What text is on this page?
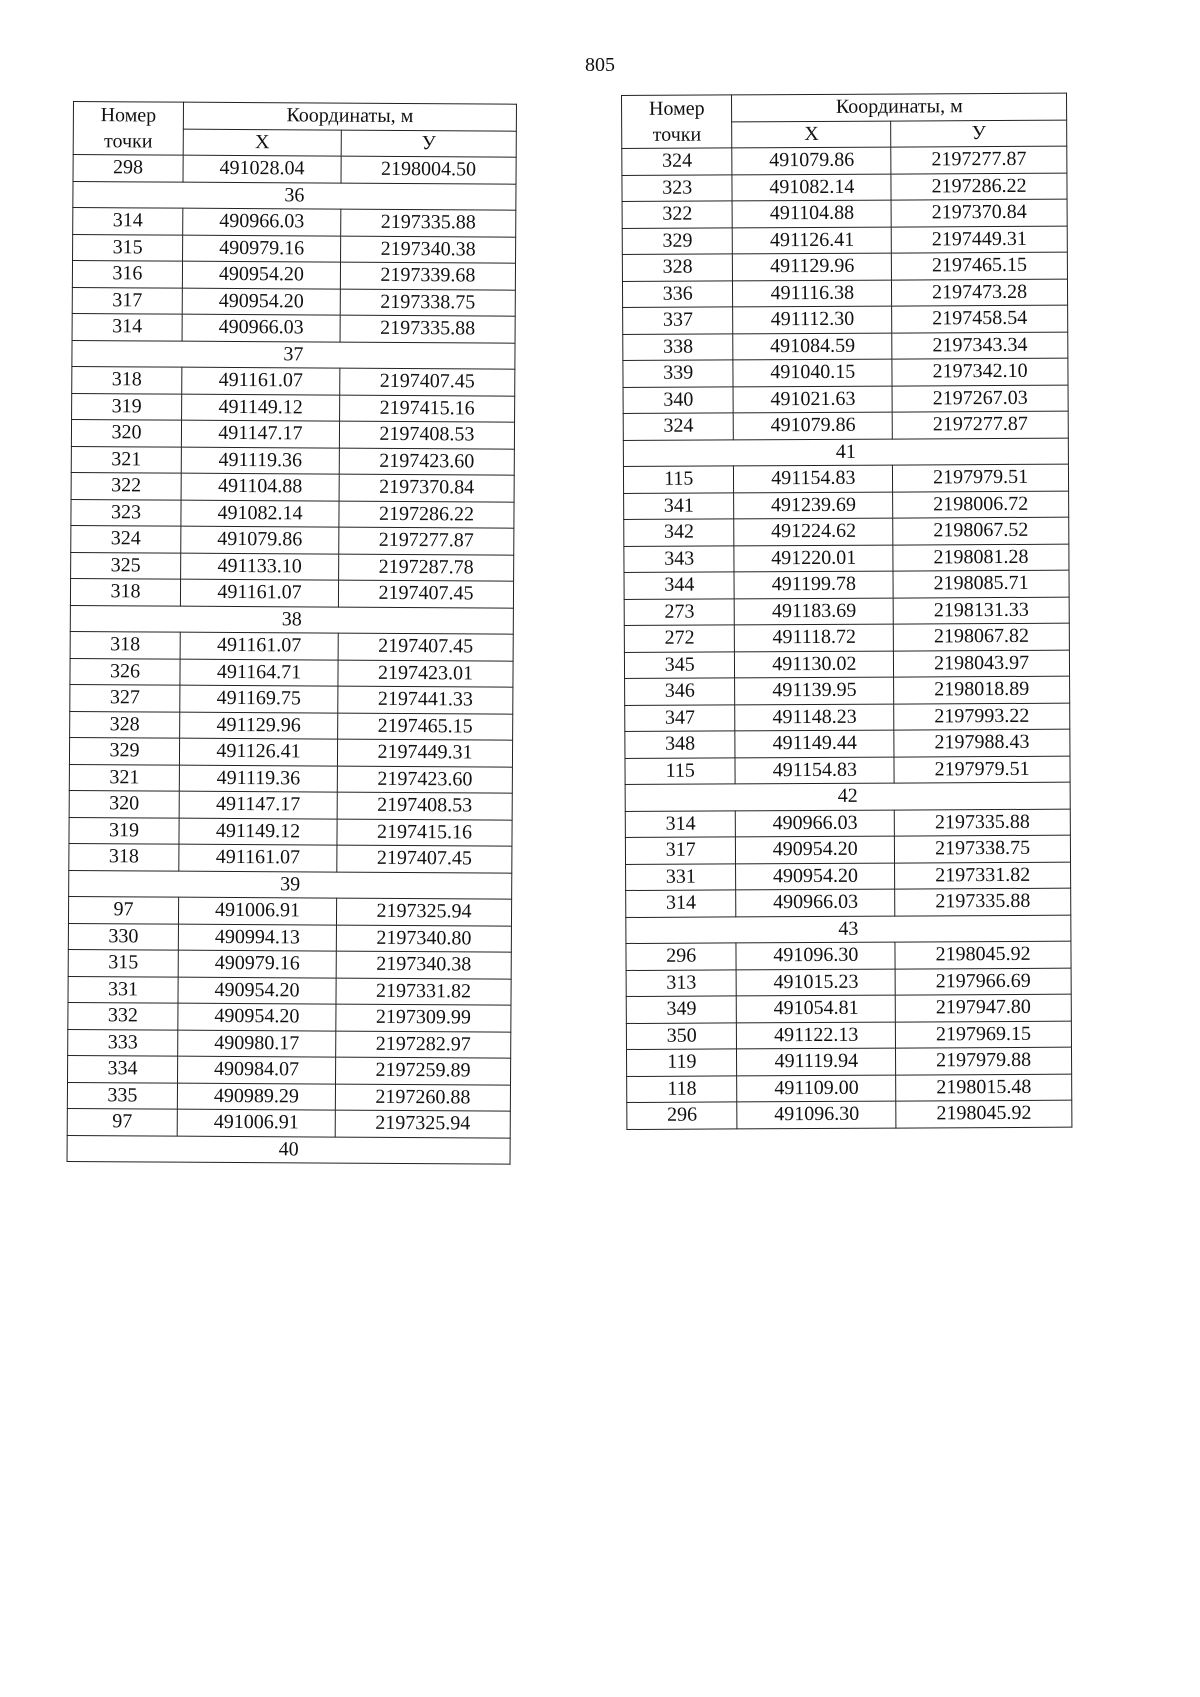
805
Номер
точки	Координаты, м	
	Х	У
298	491028.04	2198004.50
36		
314	490966.03	2197335.88
315	490979.16	2197340.38
316	490954.20	2197339.68
317	490954.20	2197338.75
314	490966.03	2197335.88
37		
318	491161.07	2197407.45
319	491149.12	2197415.16
320	491147.17	2197408.53
321	491119.36	2197423.60
322	491104.88	2197370.84
323	491082.14	2197286.22
324	491079.86	2197277.87
325	491133.10	2197287.78
318	491161.07	2197407.45
38		
318	491161.07	2197407.45
326	491164.71	2197423.01
327	491169.75	2197441.33
328	491129.96	2197465.15
329	491126.41	2197449.31
321	491119.36	2197423.60
320	491147.17	2197408.53
319	491149.12	2197415.16
318	491161.07	2197407.45
39		
97	491006.91	2197325.94
330	490994.13	2197340.80
315	490979.16	2197340.38
331	490954.20	2197331.82
332	490954.20	2197309.99
333	490980.17	2197282.97
334	490984.07	2197259.89
335	490989.29	2197260.88
97	491006.91	2197325.94
40		
Номер
точки	Координаты, м	
	Х	У
324	491079.86	2197277.87
323	491082.14	2197286.22
322	491104.88	2197370.84
329	491126.41	2197449.31
328	491129.96	2197465.15
336	491116.38	2197473.28
337	491112.30	2197458.54
338	491084.59	2197343.34
339	491040.15	2197342.10
340	491021.63	2197267.03
324	491079.86	2197277.87
41		
115	491154.83	2197979.51
341	491239.69	2198006.72
342	491224.62	2198067.52
343	491220.01	2198081.28
344	491199.78	2198085.71
273	491183.69	2198131.33
272	491118.72	2198067.82
345	491130.02	2198043.97
346	491139.95	2198018.89
347	491148.23	2197993.22
348	491149.44	2197988.43
115	491154.83	2197979.51
42		
314	490966.03	2197335.88
317	490954.20	2197338.75
331	490954.20	2197331.82
314	490966.03	2197335.88
43		
296	491096.30	2198045.92
313	491015.23	2197966.69
349	491054.81	2197947.80
350	491122.13	2197969.15
119	491119.94	2197979.88
118	491109.00	2198015.48
296	491096.30	2198045.92
